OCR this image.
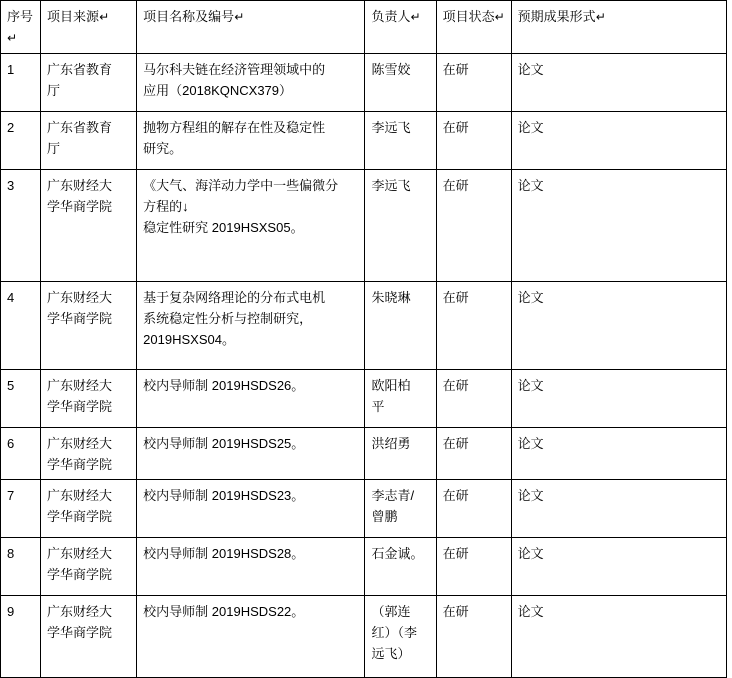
序号↵	项目来源↵	项目名称及编号↵	负责人↵	项目状态↵	预期成果形式↵

1	广东省教育
厅	马尔科夫链在经济管理领域中的
应用（2018KQNCX379）	陈雪姣	在研	论文

2	广东省教育
厅	抛物方程组的解存在性及稳定性
研究。	李远飞	在研	论文

3	广东财经大
学华商学院	《大气、海洋动力学中一些偏微分
方程的↓
稳定性研究 2019HSXS05。	李远飞	在研	论文

4	广东财经大
学华商学院	基于复杂网络理论的分布式电机
系统稳定性分析与控制研究，
2019HSXS04。	朱晓琳	在研	论文

5	广东财经大
学华商学院	校内导师制 2019HSDS26。	欧阳柏
平	在研	论文

6	广东财经大
学华商学院	校内导师制 2019HSDS25。	洪绍勇	在研	论文

7	广东财经大
学华商学院	校内导师制 2019HSDS23。	李志青/
曾鹏	在研	论文

8	广东财经大
学华商学院	校内导师制 2019HSDS28。	石金诚。	在研	论文

9	广东财经大
学华商学院	校内导师制 2019HSDS22。	（郭连
红）（李
远飞）	在研	论文
